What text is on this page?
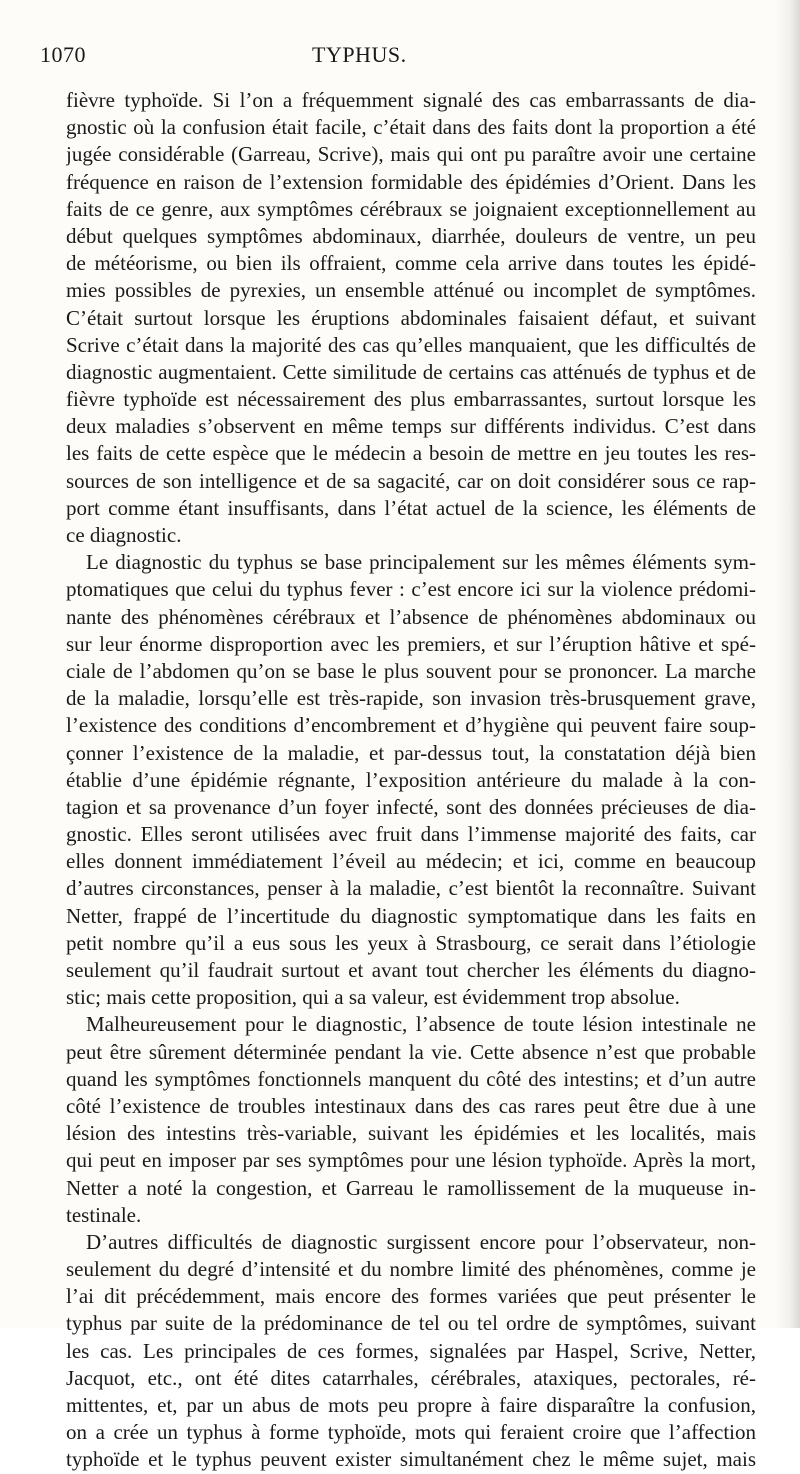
1070	TYPHUS.
fièvre typhoïde. Si l’on a fréquemment signalé des cas embarrassants de dia-
gnostic où la confusion était facile, c’était dans des faits dont la proportion a été
jugée considérable (Garreau, Scrive), mais qui ont pu paraître avoir une certaine
fréquence en raison de l’extension formidable des épidémies d’Orient. Dans les
faits de ce genre, aux symptômes cérébraux se joignaient exceptionnellement au
début quelques symptômes abdominaux, diarrhée, douleurs de ventre, un peu
de météorisme, ou bien ils offraient, comme cela arrive dans toutes les épidé-
mies possibles de pyrexies, un ensemble atténué ou incomplet de symptômes.
C’était surtout lorsque les éruptions abdominales faisaient défaut, et suivant
Scrive c’était dans la majorité des cas qu’elles manquaient, que les difficultés de
diagnostic augmentaient. Cette similitude de certains cas atténués de typhus et de
fièvre typhoïde est nécessairement des plus embarrassantes, surtout lorsque les
deux maladies s’observent en même temps sur différents individus. C’est dans
les faits de cette espèce que le médecin a besoin de mettre en jeu toutes les res-
sources de son intelligence et de sa sagacité, car on doit considérer sous ce rap-
port comme étant insuffisants, dans l’état actuel de la science, les éléments de
ce diagnostic.
Le diagnostic du typhus se base principalement sur les mêmes éléments sym-
ptomatiques que celui du typhus fever : c’est encore ici sur la violence prédomi-
nante des phénomènes cérébraux et l’absence de phénomènes abdominaux ou
sur leur énorme disproportion avec les premiers, et sur l’éruption hâtive et spé-
ciale de l’abdomen qu’on se base le plus souvent pour se prononcer. La marche
de la maladie, lorsqu’elle est très-rapide, son invasion très-brusquement grave,
l’existence des conditions d’encombrement et d’hygiène qui peuvent faire soup-
çonner l’existence de la maladie, et par-dessus tout, la constatation déjà bien
établie d’une épidémie régnante, l’exposition antérieure du malade à la con-
tagion et sa provenance d’un foyer infecté, sont des données précieuses de dia-
gnostic. Elles seront utilisées avec fruit dans l’immense majorité des faits, car
elles donnent immédiatement l’éveil au médecin; et ici, comme en beaucoup
d’autres circonstances, penser à la maladie, c’est bientôt la reconnaître. Suivant
Netter, frappé de l’incertitude du diagnostic symptomatique dans les faits en
petit nombre qu’il a eus sous les yeux à Strasbourg, ce serait dans l’étiologie
seulement qu’il faudrait surtout et avant tout chercher les éléments du diagno-
stic; mais cette proposition, qui a sa valeur, est évidemment trop absolue.
Malheureusement pour le diagnostic, l’absence de toute lésion intestinale ne
peut être sûrement déterminée pendant la vie. Cette absence n’est que probable
quand les symptômes fonctionnels manquent du côté des intestins; et d’un autre
côté l’existence de troubles intestinaux dans des cas rares peut être due à une
lésion des intestins très-variable, suivant les épidémies et les localités, mais
qui peut en imposer par ses symptômes pour une lésion typhoïde. Après la mort,
Netter a noté la congestion, et Garreau le ramollissement de la muqueuse in-
testinale.
D’autres difficultés de diagnostic surgissent encore pour l’observateur, non-
seulement du degré d’intensité et du nombre limité des phénomènes, comme je
l’ai dit précédemment, mais encore des formes variées que peut présenter le
typhus par suite de la prédominance de tel ou tel ordre de symptômes, suivant
les cas. Les principales de ces formes, signalées par Haspel, Scrive, Netter,
Jacquot, etc., ont été dites catarrhales, cérébrales, ataxiques, pectorales, ré-
mittentes, et, par un abus de mots peu propre à faire disparaître la confusion,
on a crée un typhus à forme typhoïde, mots qui feraient croire que l’affection
typhoïde et le typhus peuvent exister simultanément chez le même sujet, mais
